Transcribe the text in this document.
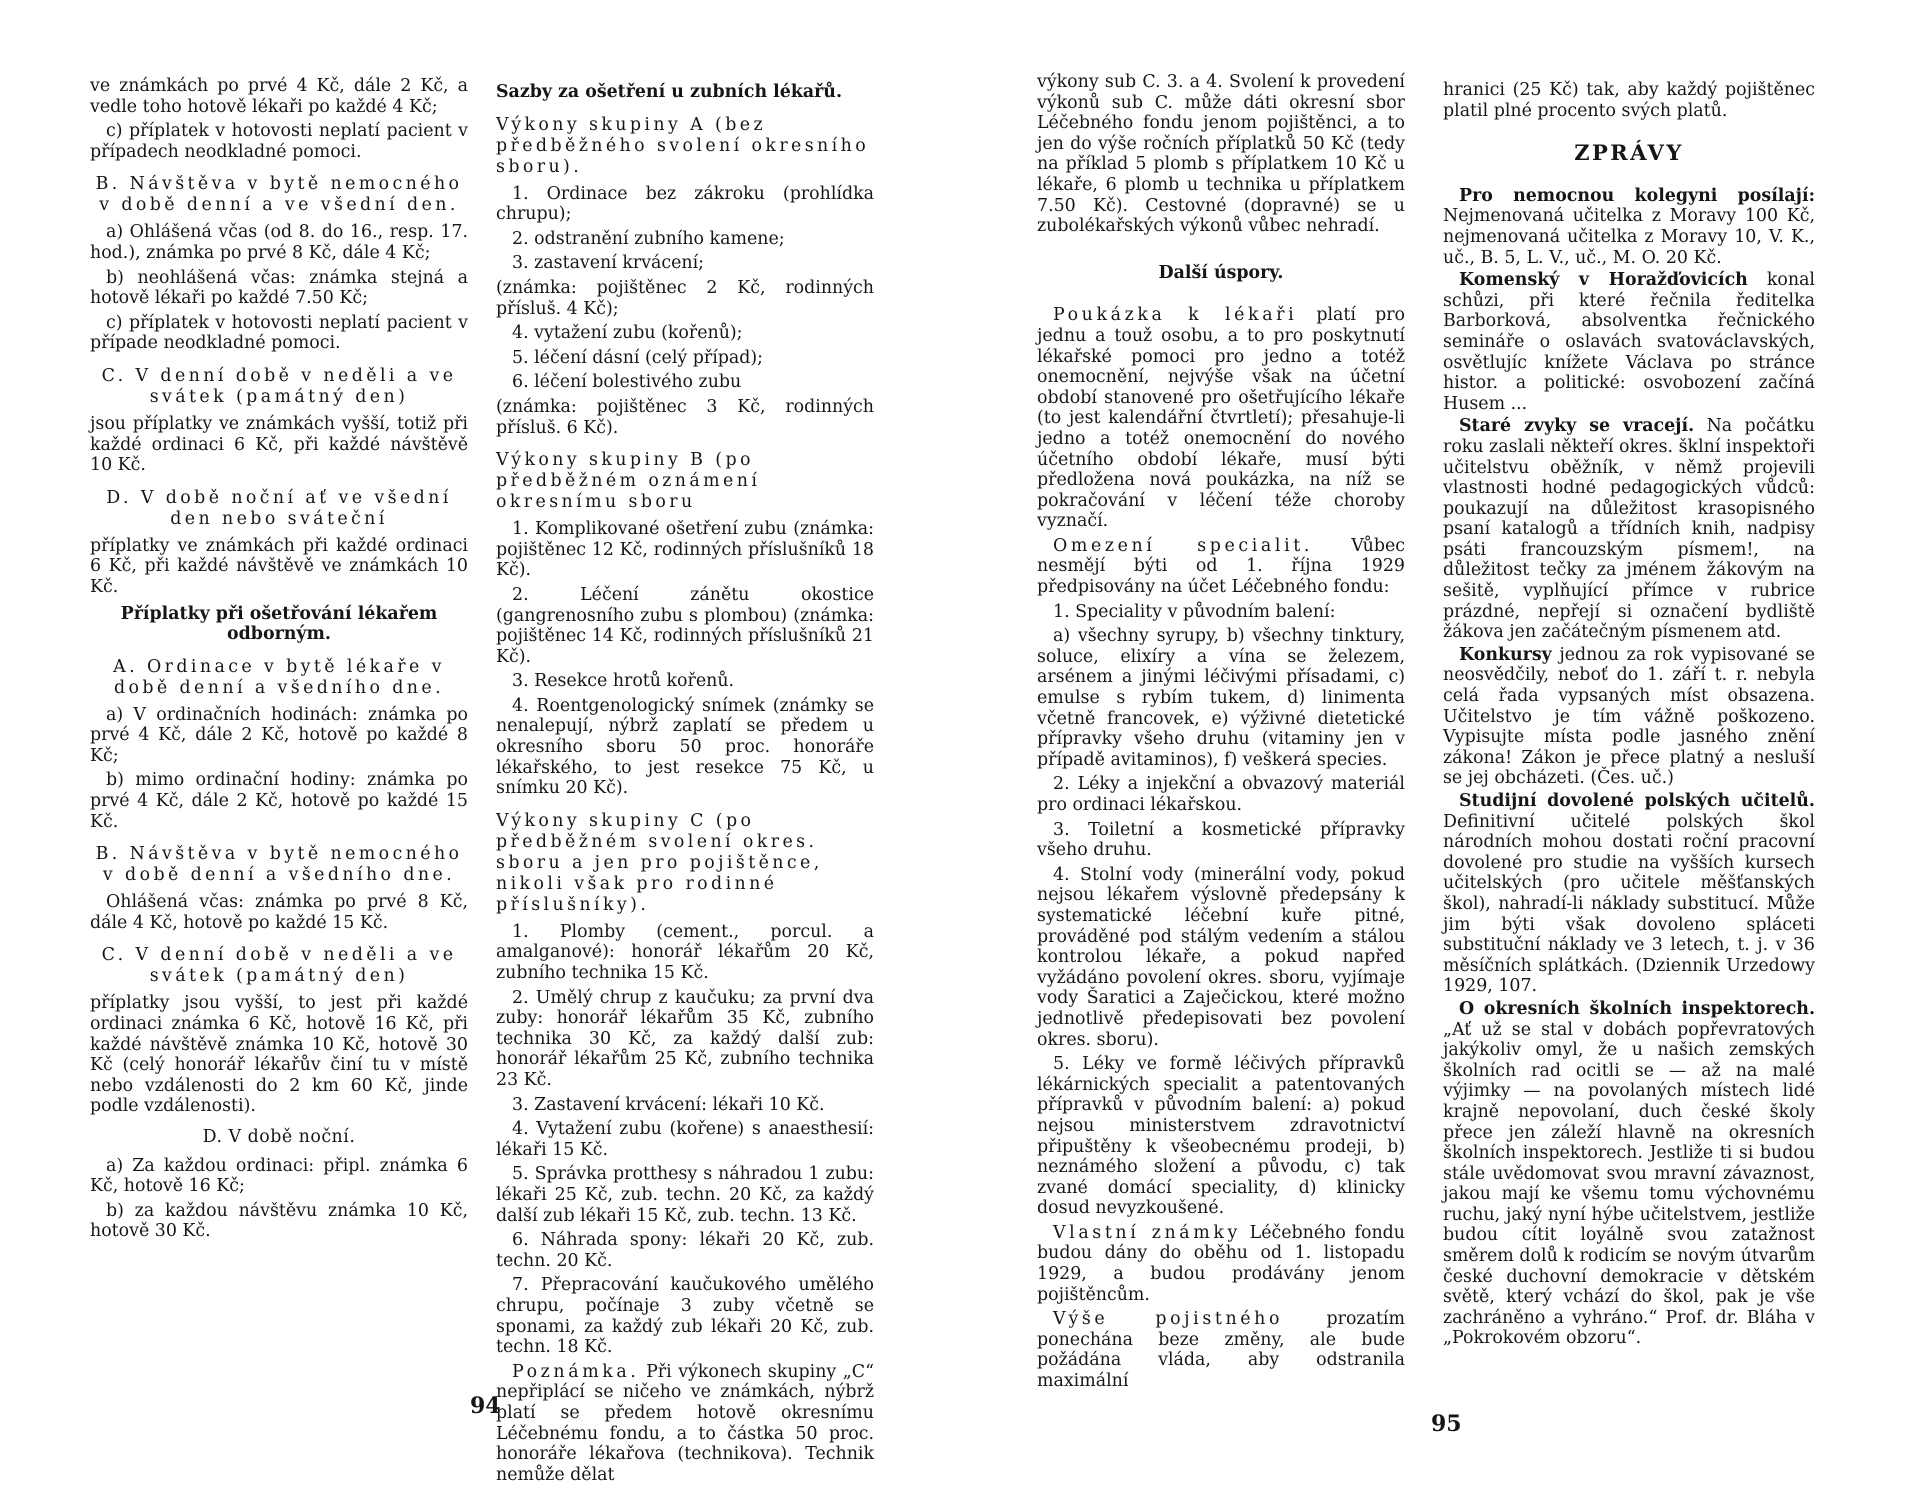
ve známkách po prvé 4 Kč, dále 2 Kč, a vedle toho hotově lékaři po každé 4 Kč;

c) příplatek v hotovosti neplatí pacient v případech neodkladné pomoci.

B. Návštěva v bytě nemocného v době denní a ve všední den.

a) Ohlášená včas (od 8. do 16., resp. 17. hod.), známka po prvé 8 Kč, dále 4 Kč;

b) neohlášená včas: známka stejná a hotově lékaři po každé 7.50 Kč;

c) příplatek v hotovosti neplatí pacient v případe neodkladné pomoci.

C. V denní době v neděli a ve svátek (památný den)

jsou příplatky ve známkách vyšší, totiž při každé ordinaci 6 Kč, při každé návštěvě 10 Kč.

D. V době noční ať ve všední den nebo sváteční

příplatky ve známkách při každé ordinaci 6 Kč, při každé návštěvě ve známkách 10 Kč.

Příplatky při ošetřování lékařem odborným.
A. Ordinace v bytě lékaře v době denní a všedního dne.

a) V ordinačních hodinách: známka po prvé 4 Kč, dále 2 Kč, hotově po každé 8 Kč;

b) mimo ordinační hodiny: známka po prvé 4 Kč, dále 2 Kč, hotově po každé 15 Kč.

B. Návštěva v bytě nemocného v době denní a všedního dne.

Ohlášená včas: známka po prvé 8 Kč, dále 4 Kč, hotově po každé 15 Kč.

C. V denní době v neděli a ve svátek (památný den)

příplatky jsou vyšší, to jest při každé ordinaci známka 6 Kč, hotově 16 Kč, při každé návštěvě známka 10 Kč, hotově 30 Kč (celý honorář lékařův činí tu v místě nebo vzdálenosti do 2 km 60 Kč, jinde podle vzdálenosti).

D. V době noční.

a) Za každou ordinaci: připl. známka 6 Kč, hotově 16 Kč;

b) za každou návštěvu známka 10 Kč, hotově 30 Kč.

Sazby za ošetření u zubních lékařů.
Výkony skupiny A (bez předběžného svolení okresního sboru).

1. Ordinace bez zákroku (prohlídka chrupu);

2. odstranění zubního kamene;

3. zastavení krvácení;

(známka: pojištěnec 2 Kč, rodinných přísluš. 4 Kč);

4. vytažení zubu (kořenů);

5. léčení dásní (celý případ);

6. léčení bolestivého zubu

(známka: pojištěnec 3 Kč, rodinných přísluš. 6 Kč).

Výkony skupiny B (po předběžném oznámení okresnímu sboru

1. Komplikované ošetření zubu (známka: pojištěnec 12 Kč, rodinných příslušníků 18 Kč).

2. Léčení zánětu okostice (gangrenosního zubu s plombou) (známka: pojištěnec 14 Kč, rodinných příslušníků 21 Kč).

3. Resekce hrotů kořenů.

4. Roentgenologický snímek (známky se nenalepují, nýbrž zaplatí se předem u okresního sboru 50 proc. honoráře lékařského, to jest resekce 75 Kč, u snímku 20 Kč).

Výkony skupiny C (po předběžném svolení okres. sboru a jen pro pojištěnce, nikoli však pro rodinné příslušníky).

1. Plomby (cement., porcul. a amalganové): honorář lékařům 20 Kč, zubního technika 15 Kč.

2. Umělý chrup z kaučuku; za první dva zuby: honorář lékařům 35 Kč, zubního technika 30 Kč, za každý další zub: honorář lékařům 25 Kč, zubního technika 23 Kč.

3. Zastavení krvácení: lékaři 10 Kč.

4. Vytažení zubu (kořene) s anaesthesií: lékaři 15 Kč.

5. Správka protthesy s náhradou 1 zubu: lékaři 25 Kč, zub. techn. 20 Kč, za každý další zub lékaři 15 Kč, zub. techn. 13 Kč.

6. Náhrada spony: lékaři 20 Kč, zub. techn. 20 Kč.

7. Přepracování kaučukového umělého chrupu, počínaje 3 zuby včetně se sponami, za každý zub lékaři 20 Kč, zub. techn. 18 Kč.

Poznámka. Při výkonech skupiny „C“ nepřiplácí se ničeho ve známkách, nýbrž platí se předem hotově okresnímu Léčebnému fondu, a to částka 50 proc. honoráře lékařova (technikova). Technik nemůže dělat

94

výkony sub C. 3. a 4. Svolení k provedení výkonů sub C. může dáti okresní sbor Léčebného fondu jenom pojištěnci, a to jen do výše ročních příplatků 50 Kč (tedy na příklad 5 plomb s příplatkem 10 Kč u lékaře, 6 plomb u technika u příplatkem 7.50 Kč). Cestovné (dopravné) se u zubolékařských výkonů vůbec nehradí.

Další úspory.

Poukázka k lékaři platí pro jednu a touž osobu, a to pro poskytnutí lékařské pomoci pro jedno a totéž onemocnění, nejvýše však na účetní období stanovené pro ošetřujícího lékaře (to jest kalendářní čtvrtletí); přesahuje-li jedno a totéž onemocnění do nového účetního období lékaře, musí býti předložena nová poukázka, na níž se pokračování v léčení téže choroby vyznačí.

Omezení specialit. Vůbec nesmějí býti od 1. října 1929 předpisovány na účet Léčebného fondu:

1. Speciality v původním balení:

a) všechny syrupy, b) všechny tinktury, soluce, elixíry a vína se železem, arsénem a jinými léčivými přísadami, c) emulse s rybím tukem, d) linimenta včetně francovek, e) výživné dietetické přípravky všeho druhu (vitaminy jen v případě avitaminos), f) veškerá species.

2. Léky a injekční a obvazový materiál pro ordinaci lékařskou.

3. Toiletní a kosmetické přípravky všeho druhu.

4. Stolní vody (minerální vody, pokud nejsou lékařem výslovně předepsány k systematické léčební kuře pitné, prováděné pod stálým vedením a stálou kontrolou lékaře, a pokud napřed vyžádáno povolení okres. sboru, vyjímaje vody Šaratici a Zaječickou, které možno jednotlivě předepisovati bez povolení okres. sboru).

5. Léky ve formě léčivých přípravků lékárnických specialit a patentovaných přípravků v původním balení: a) pokud nejsou ministerstvem zdravotnictví připuštěny k všeobecnému prodeji, b) neznámého složení a původu, c) tak zvané domácí speciality, d) klinicky dosud nevyzkoušené.

Vlastní známky Léčebného fondu budou dány do oběhu od 1. listopadu 1929, a budou prodávány jenom pojištěncům.

Výše pojistného prozatím ponechána beze změny, ale bude požádána vláda, aby odstranila maximální

hranici (25 Kč) tak, aby každý pojištěnec platil plné procento svých platů.

ZPRÁVY

Pro nemocnou kolegyni posílají: Nejmenovaná učitelka z Moravy 100 Kč, nejmenovaná učitelka z Moravy 10, V. K., uč., B. 5, L. V., uč., M. O. 20 Kč.

Komenský v Horažďovicích konal schůzi, při které řečnila ředitelka Barborková, absolventka řečnického semináře o oslavách svatováclavských, osvětlujíc knížete Václava po stránce histor. a politické: osvobození začíná Husem ...

Staré zvyky se vracejí. Na počátku roku zaslali někteří okres. šklní inspektoři učitelstvu oběžník, v němž projevili vlastnosti hodné pedagogických vůdců: poukazují na důležitost krasopisného psaní katalogů a třídních knih, nadpisy psáti francouzským písmem!, na důležitost tečky za jménem žákovým na sešitě, vyplňující přímce v rubrice prázdné, nepřejí si označení bydliště žákova jen začátečným písmenem atd.

Konkursy jednou za rok vypisované se neosvědčily, neboť do 1. září t. r. nebyla celá řada vypsaných míst obsazena. Učitelstvo je tím vážně poškozeno. Vypisujte místa podle jasného znění zákona! Zákon je přece platný a nesluší se jej obcházeti. (Čes. uč.)

Studijní dovolené polských učitelů. Definitivní učitelé polských škol národních mohou dostati roční pracovní dovolené pro studie na vyšších kursech učitelských (pro učitele měšťanských škol), nahradí-li náklady substitucí. Může jim býti však dovoleno spláceti substituční náklady ve 3 letech, t. j. v 36 měsíčních splátkách. (Dziennik Urzedowy 1929, 107.

O okresních školních inspektorech. „Ať už se stal v dobách popřevratových jakýkoliv omyl, že u našich zemských školních rad ocitli se — až na malé výjimky — na povolaných místech lidé krajně nepovolaní, duch české školy přece jen záleží hlavně na okresních školních inspektorech. Jestliže ti si budou stále uvědomovat svou mravní závaznost, jakou mají ke všemu tomu výchovnému ruchu, jaký nyní hýbe učitelstvem, jestliže budou cítit loyálně svou zatažnost směrem dolů k rodicím se novým útvarům české duchovní demokracie v dětském světě, který vchází do škol, pak je vše zachráněno a vyhráno.“ Prof. dr. Bláha v „Pokrokovém obzoru“.

95
